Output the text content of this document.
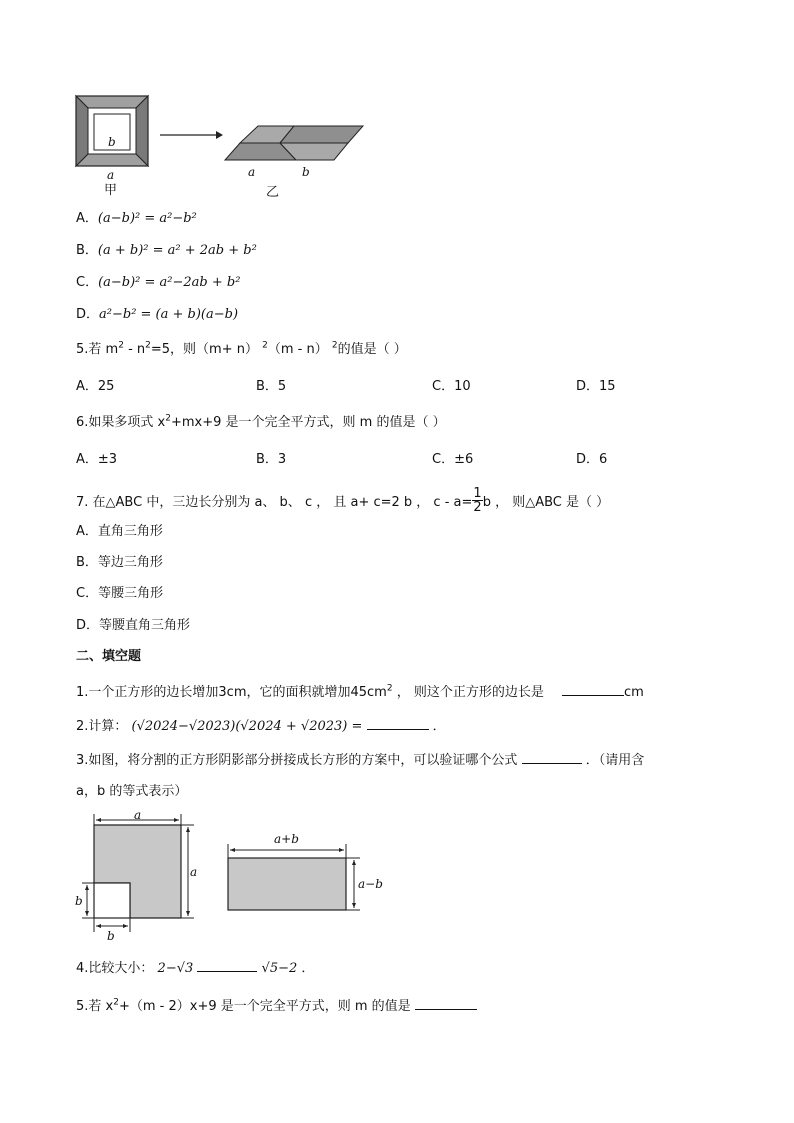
b
a
甲
a	b
乙
A．(a−b)² = a²−b²
B．(a + b)² = a² + 2ab + b²
C．(a−b)² = a²−2ab + b²
D．a²−b² = (a + b)(a−b)
5.若 $m^2 - n^2=5$，则（m+ n） $^2$（m - n） $^2$的值是（ ）
A．25	B．5	C．10	D．15
6.如果多项式 $x^2+mx+9$ 是一个完全平方式，则 m 的值是（ ）
A．±3	B．3	C．±6	D．6
7. 在△ABC 中，三边长分别为 a、 b、 c ， 且 a+ c=2 b ， $c - a= \frac{1}{2}$ b ， 则△ABC 是（ ）
A．直角三角形
B．等边三角形
C．等腰三角形
D．等腰直角三角形
二、填空题
1.一个正方形的边长增加3cm，它的面积就增加$45cm^2$ ， 则这个正方形的边长是	cm
2.计算： (√2024−√2023)(√2024 + √2023) =	．
3.如图，将分割的正方形阴影部分拼接成长方形的方案中，可以验证哪个公式	．（请用含
a，b 的等式表示）
a
a
b
b
a+b
a−b
4.比较大小： 2−√3	√5−2 ．
5.若 $x^2+(m - 2)x+9$ 是一个完全平方式，则 m 的值是
